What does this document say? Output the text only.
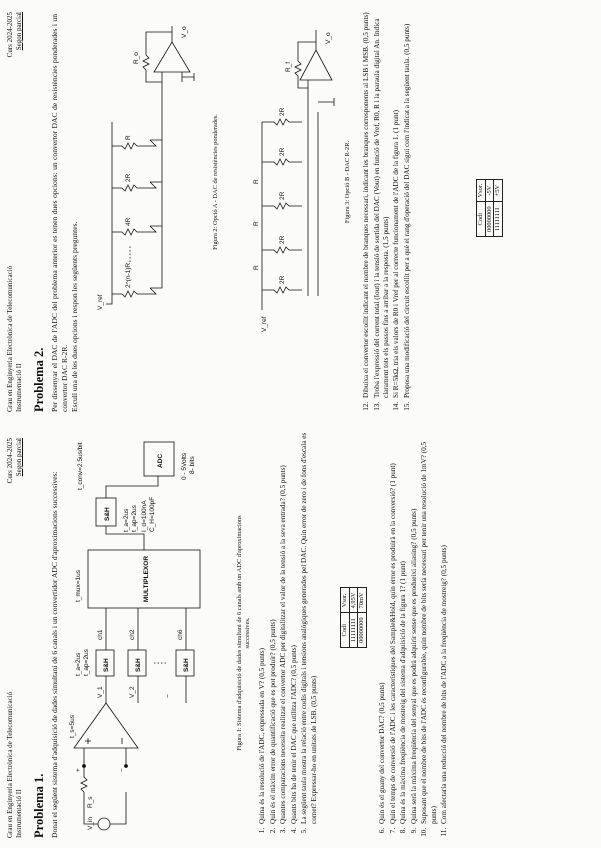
Grau en Enginyeria Electrònica de Telecomunicació Instrumentació II
Curs 2024-2025 Segon parcial
Problema 1. Donat el següent sistema d'adquisició de dades simultani de 6 canals i un convertidor ADC d'aproximacions successives:	V_in
R_s
+	−
t_s=5us
V_1
S&H
t_a=2us t_ap=2us
ch1
V_2
S&H
ch2
−
S&H
ch6
MULTIPLEXOR
t_mux=1us
S&H t_a=2us t_ap=2us I_d=100nA C_H=100pF
ADC
t_conv=2.5us/bit	0 - 5Volts 8- bits
Figura 1: Sistema d'adquisició de dades simultani de 6 canals amb un ADC d'aproximacions successives.
1. Quina és la resolució de l'ADC, expressada en V? (0,5 punts) 2. Quin és el màxim error de quantificació que es pot produir? (0,5 punts) 3. Quantes comparacions necessita realitzar el convertor ADC per digitalitzar el valor de la tensió a la seva entrada? (0,5 punts) 4. Quants bits ha de tenir el DAC que utilitza l'ADC? (0,5 punts) 5. La següent taula mostra la relació entre codis digitals i tensions analògiques generades pel DAC. Quin error de zero i de fons d'escala es comet? Expressar-ho en unitats de LSB. (0,5 punts)
Codi	Vsor.
11111111	4,95V
00000000	70mV
6. Quin és el guany del convertor DAC? (0,5 punts) 7. Quin el temps de conversió de l'ADC i les característiques del Sample&Hold, quin error es produirà en la conversió? (1 punt) 8. Quina és la màxima freqüència de mostreig del sistema d'adquisició de la figura 1? (1 punt) 9. Quina serà la màxima freqüència del senyal que es podrà adquirir sense que es produeixi aliasing? (0,5 punts) 10. Suposant que el nombre de bits de l'ADC és reconfigurable, quin nombre de bits seria necessari per tenir una resolució de 1mV? (0,5 punts) 11. Com afectaria una reducció del nombre de bits de l'ADC a la freqüència de mostreig? (0,5 punts)
Grau en Enginyeria Electrònica de Telecomunicació Instrumentació II
Curs 2024-2025 Segon parcial
Problema 2. Per dissenyar el DAC de l'ADC del problema anterior es tenen dues opcions: un convertor DAC de resistències ponderades i un convertor DAC R-2R. Escull una de les dues opcions i respon les següents preguntes.	V_ref
2^(n-1)R
4R
2R
R
R_o
V_o
Figura 2: Opció A - DAC de resistències ponderades.
V_ref
R
R
R
2R
2R
2R
2R
2R
R_f
V_o
Figura 3: Opció B - DAC R-2R. 12. Dibuixa el convertor escollit indicant el nombre de branques necessari, indicant les branques corresponents al LSB i MSB. (0,5 punts) 13. Troba l'expressió del corrent total (Iout) i la tensió de sortida del DAC (Vout) en funció de Vref, R0, R i la paraula digital An. Indica clarament tots els passos fins a arribar a la resposta. (1,5 punts) 14. Si R=5kΩ, tria els valors de R0 i Vref per al correcte funcionament de l'ADC de la figura 1. (1 punt) 15. Proposa una modificació del circuit escollit per a què el rang d'operació del DAC sigui com l'indicat a la següent taula. (0,5 punts)	Codi	Vsor.
00000000	-5V
11111111	+5V
